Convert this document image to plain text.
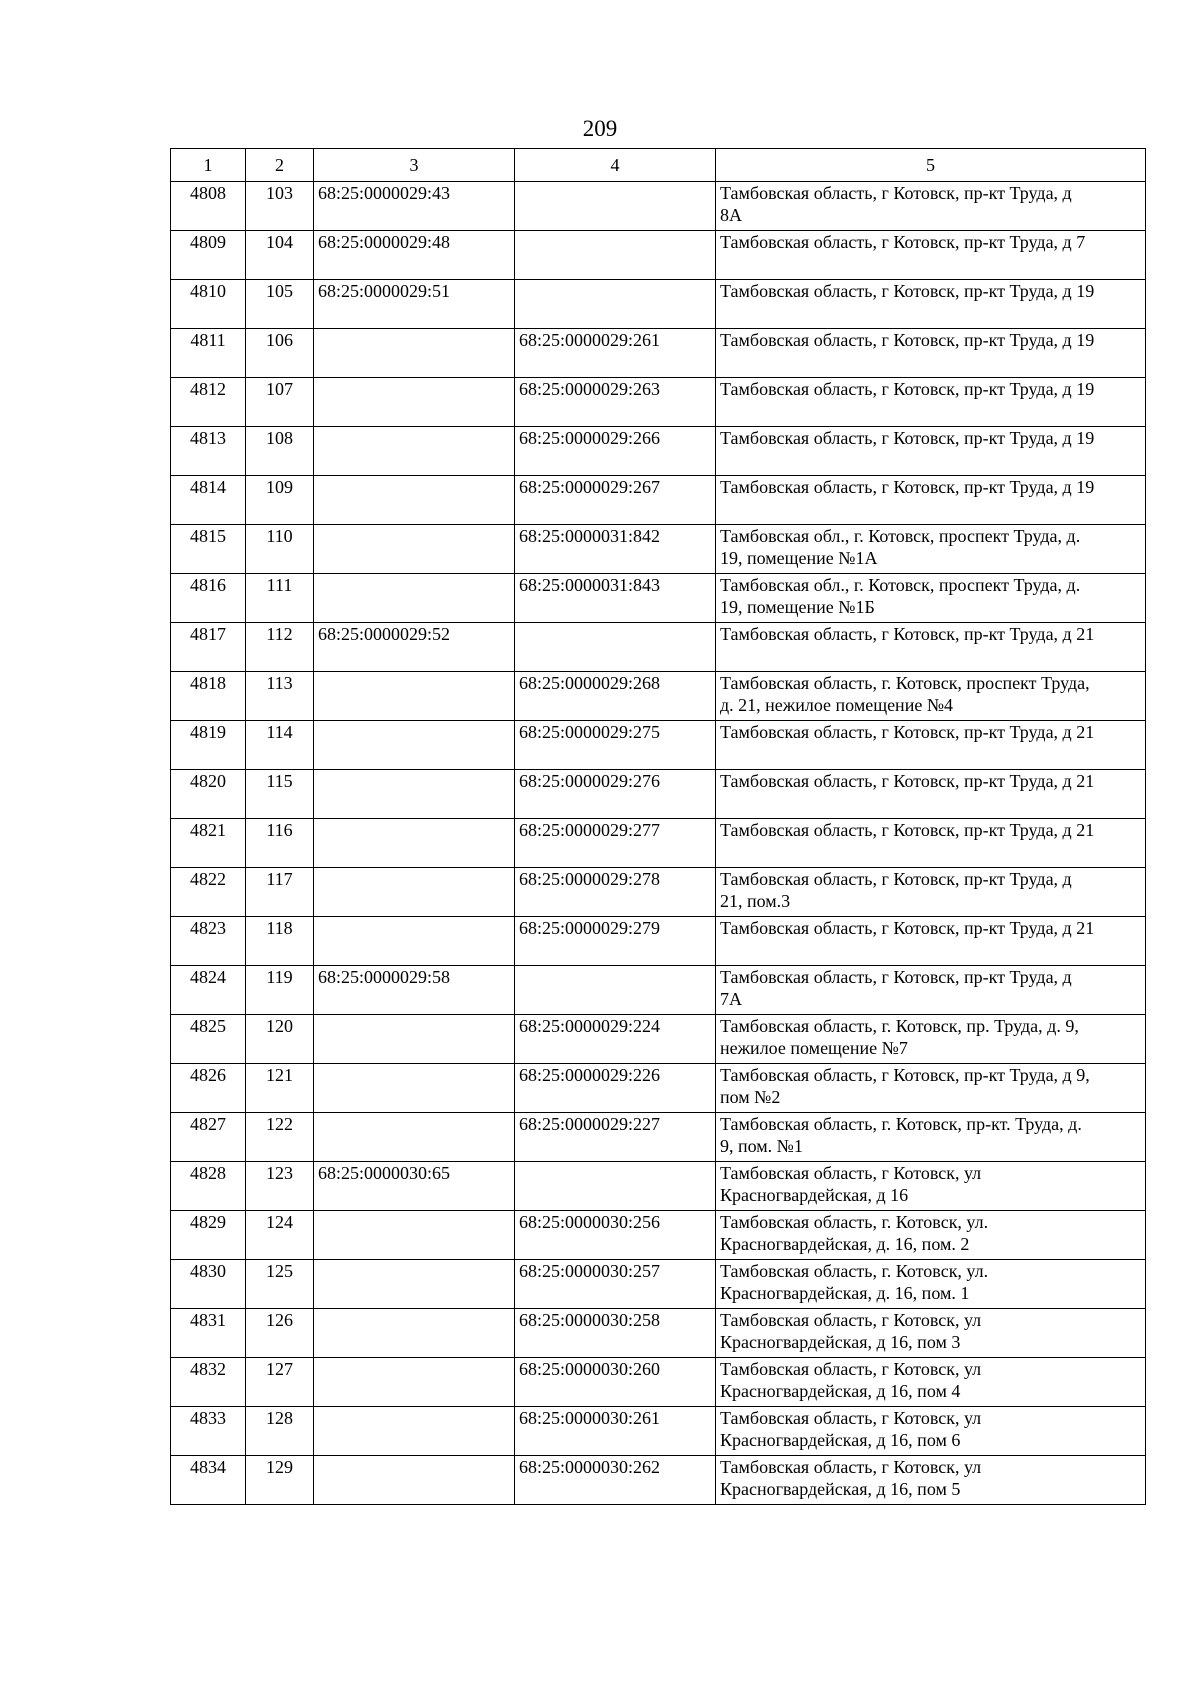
209
1	2	3	4	5
4808	103	68:25:0000029:43		Тамбовская область, г Котовск, пр-кт Труда, д
8А

4809	104	68:25:0000029:48		Тамбовская область, г Котовск, пр-кт Труда, д 7

4810	105	68:25:0000029:51		Тамбовская область, г Котовск, пр-кт Труда, д 19

4811	106		68:25:0000029:261	Тамбовская область, г Котовск, пр-кт Труда, д 19

4812	107		68:25:0000029:263	Тамбовская область, г Котовск, пр-кт Труда, д 19

4813	108		68:25:0000029:266	Тамбовская область, г Котовск, пр-кт Труда, д 19

4814	109		68:25:0000029:267	Тамбовская область, г Котовск, пр-кт Труда, д 19

4815	110		68:25:0000031:842	Тамбовская обл., г. Котовск, проспект Труда, д.
19, помещение №1А

4816	111		68:25:0000031:843	Тамбовская обл., г. Котовск, проспект Труда, д.
19, помещение №1Б

4817	112	68:25:0000029:52		Тамбовская область, г Котовск, пр-кт Труда, д 21

4818	113		68:25:0000029:268	Тамбовская область, г. Котовск, проспект Труда,
д. 21, нежилое помещение №4

4819	114		68:25:0000029:275	Тамбовская область, г Котовск, пр-кт Труда, д 21

4820	115		68:25:0000029:276	Тамбовская область, г Котовск, пр-кт Труда, д 21

4821	116		68:25:0000029:277	Тамбовская область, г Котовск, пр-кт Труда, д 21

4822	117		68:25:0000029:278	Тамбовская область, г Котовск, пр-кт Труда, д
21, пом.3

4823	118		68:25:0000029:279	Тамбовская область, г Котовск, пр-кт Труда, д 21

4824	119	68:25:0000029:58		Тамбовская область, г Котовск, пр-кт Труда, д
7А

4825	120		68:25:0000029:224	Тамбовская область, г. Котовск, пр. Труда, д. 9,
нежилое помещение №7

4826	121		68:25:0000029:226	Тамбовская область, г Котовск, пр-кт Труда, д 9,
пом №2

4827	122		68:25:0000029:227	Тамбовская область, г. Котовск, пр-кт. Труда, д.
9, пом. №1

4828	123	68:25:0000030:65		Тамбовская область, г Котовск, ул
Красногвардейская, д 16

4829	124		68:25:0000030:256	Тамбовская область, г. Котовск, ул.
Красногвардейская, д. 16, пом. 2

4830	125		68:25:0000030:257	Тамбовская область, г. Котовск, ул.
Красногвардейская, д. 16, пом. 1

4831	126		68:25:0000030:258	Тамбовская область, г Котовск, ул
Красногвардейская, д 16, пом 3

4832	127		68:25:0000030:260	Тамбовская область, г Котовск, ул
Красногвардейская, д 16, пом 4

4833	128		68:25:0000030:261	Тамбовская область, г Котовск, ул
Красногвардейская, д 16, пом 6

4834	129		68:25:0000030:262	Тамбовская область, г Котовск, ул
Красногвардейская, д 16, пом 5
